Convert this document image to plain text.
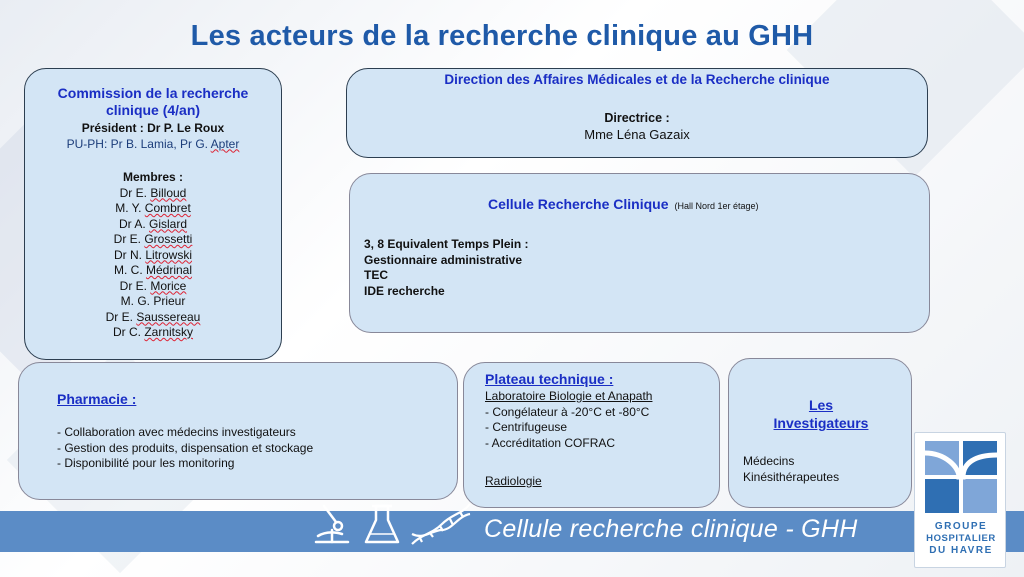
Les acteurs de la recherche clinique au GHH
Commission de la recherche
clinique (4/an)
Président : Dr P. Le Roux
PU-PH: Pr B. Lamia, Pr G. Apter
Membres :
Dr E. Billoud
M. Y. Combret
Dr A. Gislard
Dr E. Grossetti
Dr N. Litrowski
M. C. Médrinal
Dr E. Morice
M. G. Prieur
Dr E. Saussereau
Dr C. Zarnitsky
Direction des Affaires Médicales et de la Recherche clinique
Directrice :
Mme Léna Gazaix
Cellule Recherche Clinique (Hall Nord 1er étage)
3, 8 Equivalent Temps Plein :
Gestionnaire administrative
TEC
IDE recherche
Pharmacie :
- Collaboration avec médecins investigateurs
- Gestion des produits, dispensation et stockage
- Disponibilité pour les monitoring
Plateau technique :
Laboratoire Biologie et Anapath
- Congélateur à -20°C et -80°C
- Centrifugeuse
- Accréditation COFRAC
Radiologie
Les
Investigateurs
Médecins
Kinésithérapeutes
Cellule recherche clinique - GHH	GROUPE
HOSPITALIER
DU HAVRE
